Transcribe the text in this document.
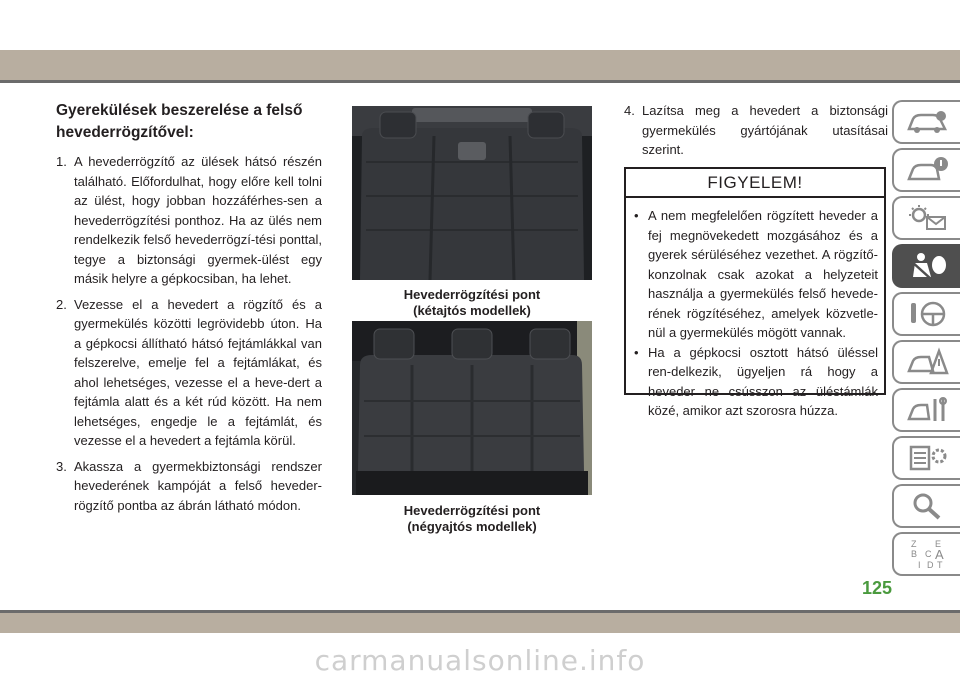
Gyerekülések beszerelése a felső hevederrögzítővel:
1. A hevederrögzítő az ülések hátsó részén található. Előfordulhat, hogy előre kell tolni az ülést, hogy jobban hozzáférhes-sen a hevederrögzítési ponthoz. Ha az ülés nem rendelkezik felső hevederrögzí-tési ponttal, tegye a biztonsági gyermek-ülést egy másik helyre a gépkocsiban, ha lehet.
2. Vezesse el a hevedert a rögzítő és a gyermekülés közötti legrövidebb úton. Ha a gépkocsi állítható hátsó fejtámlákkal van felszerelve, emelje fel a fejtámlákat, és ahol lehetséges, vezesse el a heve-dert a fejtámla alatt és a két rúd között. Ha nem lehetséges, engedje le a fejtámlát, és vezesse el a hevedert a fejtámla körül.
3. Akassza a gyermekbiztonsági rendszer hevederének kampóját a felső heveder-rögzítő pontba az ábrán látható módon.
Hevederrögzítési pont
(kétajtós modellek)
Hevederrögzítési pont
(négyajtós modellek)
4. Lazítsa meg a hevedert a biztonsági gyermekülés gyártójának utasításai szerint.
FIGYELEM!
• A nem megfelelően rögzített heveder a fej megnövekedett mozgásához és a gyerek sérüléséhez vezethet. A rögzítő-konzolnak csak azokat a helyzeteit használja a gyermekülés felső hevede-rének rögzítéséhez, amelyek közvetle-nül a gyermekülés mögött vannak.
• Ha a gépkocsi osztott hátsó üléssel ren-delkezik, ügyeljen rá hogy a heveder ne csússzon az üléstámlák közé, amikor azt szorosra húzza.
Z E
B C A
I D T
125
carmanualsonline.info
